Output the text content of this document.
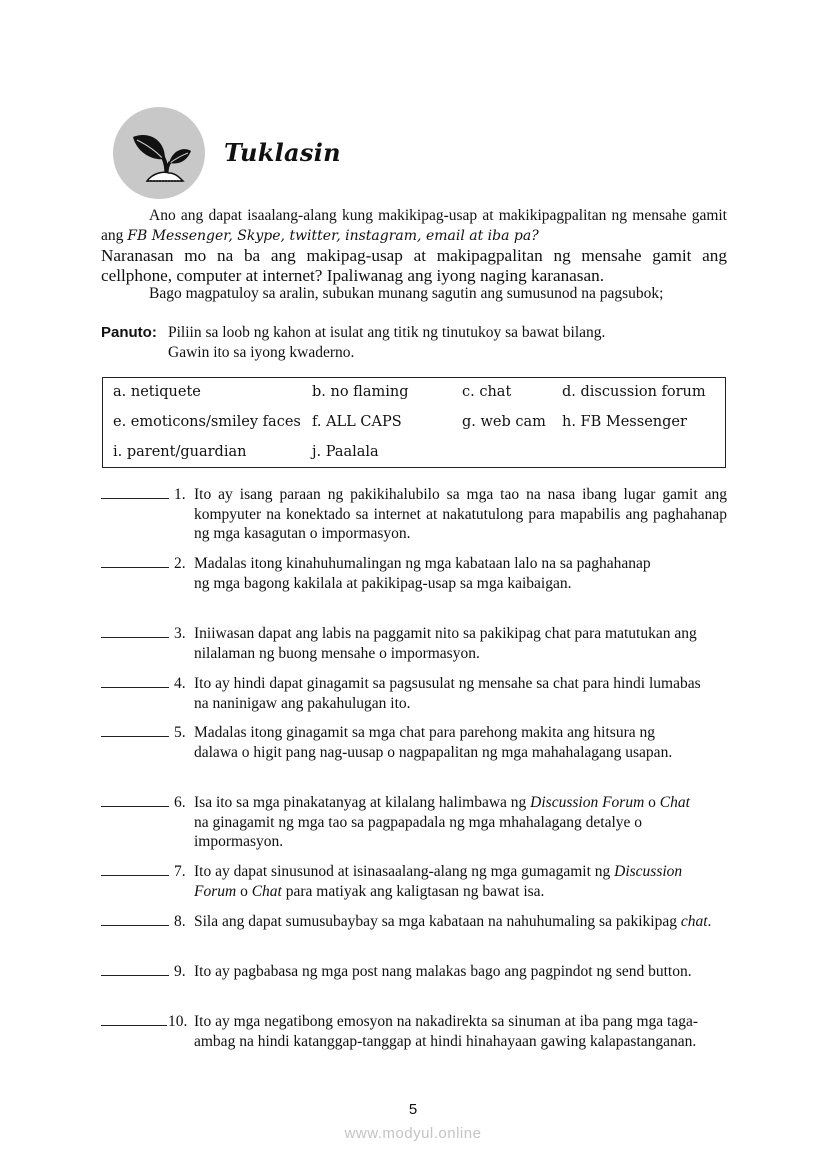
Tuklasin
Ano ang dapat isaalang-alang kung makikipag-usap at makikipagpalitan ng mensahe gamit ang FB Messenger, Skype, twitter, instagram, email at iba pa?
Naranasan mo na ba ang makipag-usap at makipagpalitan ng mensahe gamit ang cellphone, computer at internet? Ipaliwanag ang iyong naging karanasan.
Bago magpatuloy sa aralin, subukan munang sagutin ang sumusunod na pagsubok;
Panuto: Piliin sa loob ng kahon at isulat ang titik ng tinutukoy sa bawat bilang.
Gawin ito sa iyong kwaderno.
a. netiquete	b. no flaming	c. chat	d. discussion forum
e. emoticons/smiley faces f. ALL CAPS	g. web cam h. FB Messenger
i. parent/guardian	j. Paalala
1. Ito ay isang paraan ng pakikihalubilo sa mga tao na nasa ibang lugar gamit ang kompyuter na konektado sa internet at nakatutulong para mapabilis ang paghahanap ng mga kasagutan o impormasyon.
2. Madalas itong kinahuhumalingan ng mga kabataan lalo na sa paghahanap ng mga bagong kakilala at pakikipag-usap sa mga kaibaigan.
3. Iniiwasan dapat ang labis na paggamit nito sa pakikipag chat para matutukan ang nilalaman ng buong mensahe o impormasyon.
4. Ito ay hindi dapat ginagamit sa pagsusulat ng mensahe sa chat para hindi lumabas na naninigaw ang pakahulugan ito.
5. Madalas itong ginagamit sa mga chat para parehong makita ang hitsura ng dalawa o higit pang nag-uusap o nagpapalitan ng mga mahahalagang usapan.
6. Isa ito sa mga pinakatanyag at kilalang halimbawa ng Discussion Forum o Chat na ginagamit ng mga tao sa pagpapadala ng mga mhahalagang detalye o impormasyon.
7. Ito ay dapat sinusunod at isinasaalang-alang ng mga gumagamit ng Discussion Forum o Chat para matiyak ang kaligtasan ng bawat isa.
8. Sila ang dapat sumusubaybay sa mga kabataan na nahuhumaling sa pakikipag chat.
9. Ito ay pagbabasa ng mga post nang malakas bago ang pagpindot ng send button.
10. Ito ay mga negatibong emosyon na nakadirekta sa sinuman at iba pang mga taga-ambag na hindi katanggap-tanggap at hindi hinahayaan gawing kalapastanganan.
5
www.modyul.online
